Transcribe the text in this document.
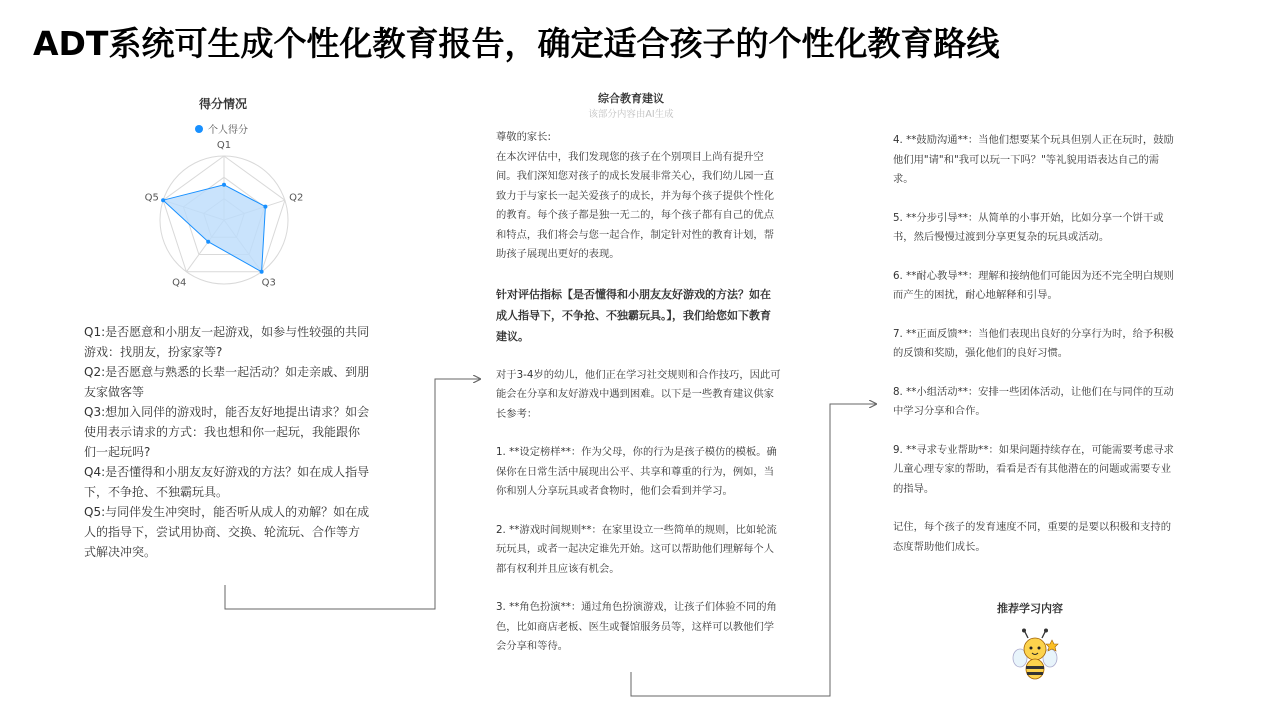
ADT系统可生成个性化教育报告，确定适合孩子的个性化教育路线
得分情况
个人得分
Q1
Q2
Q3
Q4
Q5

Q1:是否愿意和小朋友一起游戏，如参与性较强的共同游戏：找朋友，扮家家等?

Q2:是否愿意与熟悉的长辈一起活动？如走亲戚、到朋友家做客等

Q3:想加入同伴的游戏时，能否友好地提出请求？如会使用表示请求的方式：我也想和你一起玩，我能跟你们一起玩吗?

Q4:是否懂得和小朋友友好游戏的方法？如在成人指导下，不争抢、不独霸玩具。

Q5:与同伴发生冲突时，能否听从成人的劝解？如在成人的指导下，尝试用协商、交换、轮流玩、合作等方式解决冲突。

综合教育建议
该部分内容由AI生成

尊敬的家长:

在本次评估中，我们发现您的孩子在个别项目上尚有提升空间。我们深知您对孩子的成长发展非常关心，我们幼儿园一直致力于与家长一起关爱孩子的成长，并为每个孩子提供个性化的教育。每个孩子都是独一无二的，每个孩子都有自己的优点和特点，我们将会与您一起合作，制定针对性的教育计划，帮助孩子展现出更好的表现。

针对评估指标【是否懂得和小朋友友好游戏的方法？如在成人指导下，不争抢、不独霸玩具。】，我们给您如下教育建议。

对于3-4岁的幼儿，他们正在学习社交规则和合作技巧，因此可能会在分享和友好游戏中遇到困难。以下是一些教育建议供家长参考：

1. **设定榜样**：作为父母，你的行为是孩子模仿的模板。确保你在日常生活中展现出公平、共享和尊重的行为，例如，当你和别人分享玩具或者食物时，他们会看到并学习。

2. **游戏时间规则**：在家里设立一些简单的规则，比如轮流玩玩具，或者一起决定谁先开始。这可以帮助他们理解每个人都有权利并且应该有机会。

3. **角色扮演**：通过角色扮演游戏，让孩子们体验不同的角色，比如商店老板、医生或餐馆服务员等，这样可以教他们学会分享和等待。

4. **鼓励沟通**：当他们想要某个玩具但别人正在玩时，鼓励他们用"请"和"我可以玩一下吗？"等礼貌用语表达自己的需求。

5. **分步引导**：从简单的小事开始，比如分享一个饼干或书，然后慢慢过渡到分享更复杂的玩具或活动。

6. **耐心教导**：理解和接纳他们可能因为还不完全明白规则而产生的困扰，耐心地解释和引导。

7. **正面反馈**：当他们表现出良好的分享行为时，给予积极的反馈和奖励，强化他们的良好习惯。

8. **小组活动**：安排一些团体活动，让他们在与同伴的互动中学习分享和合作。

9. **寻求专业帮助**：如果问题持续存在，可能需要考虑寻求儿童心理专家的帮助，看看是否有其他潜在的问题或需要专业的指导。

记住，每个孩子的发育速度不同，重要的是要以积极和支持的态度帮助他们成长。

推荐学习内容
